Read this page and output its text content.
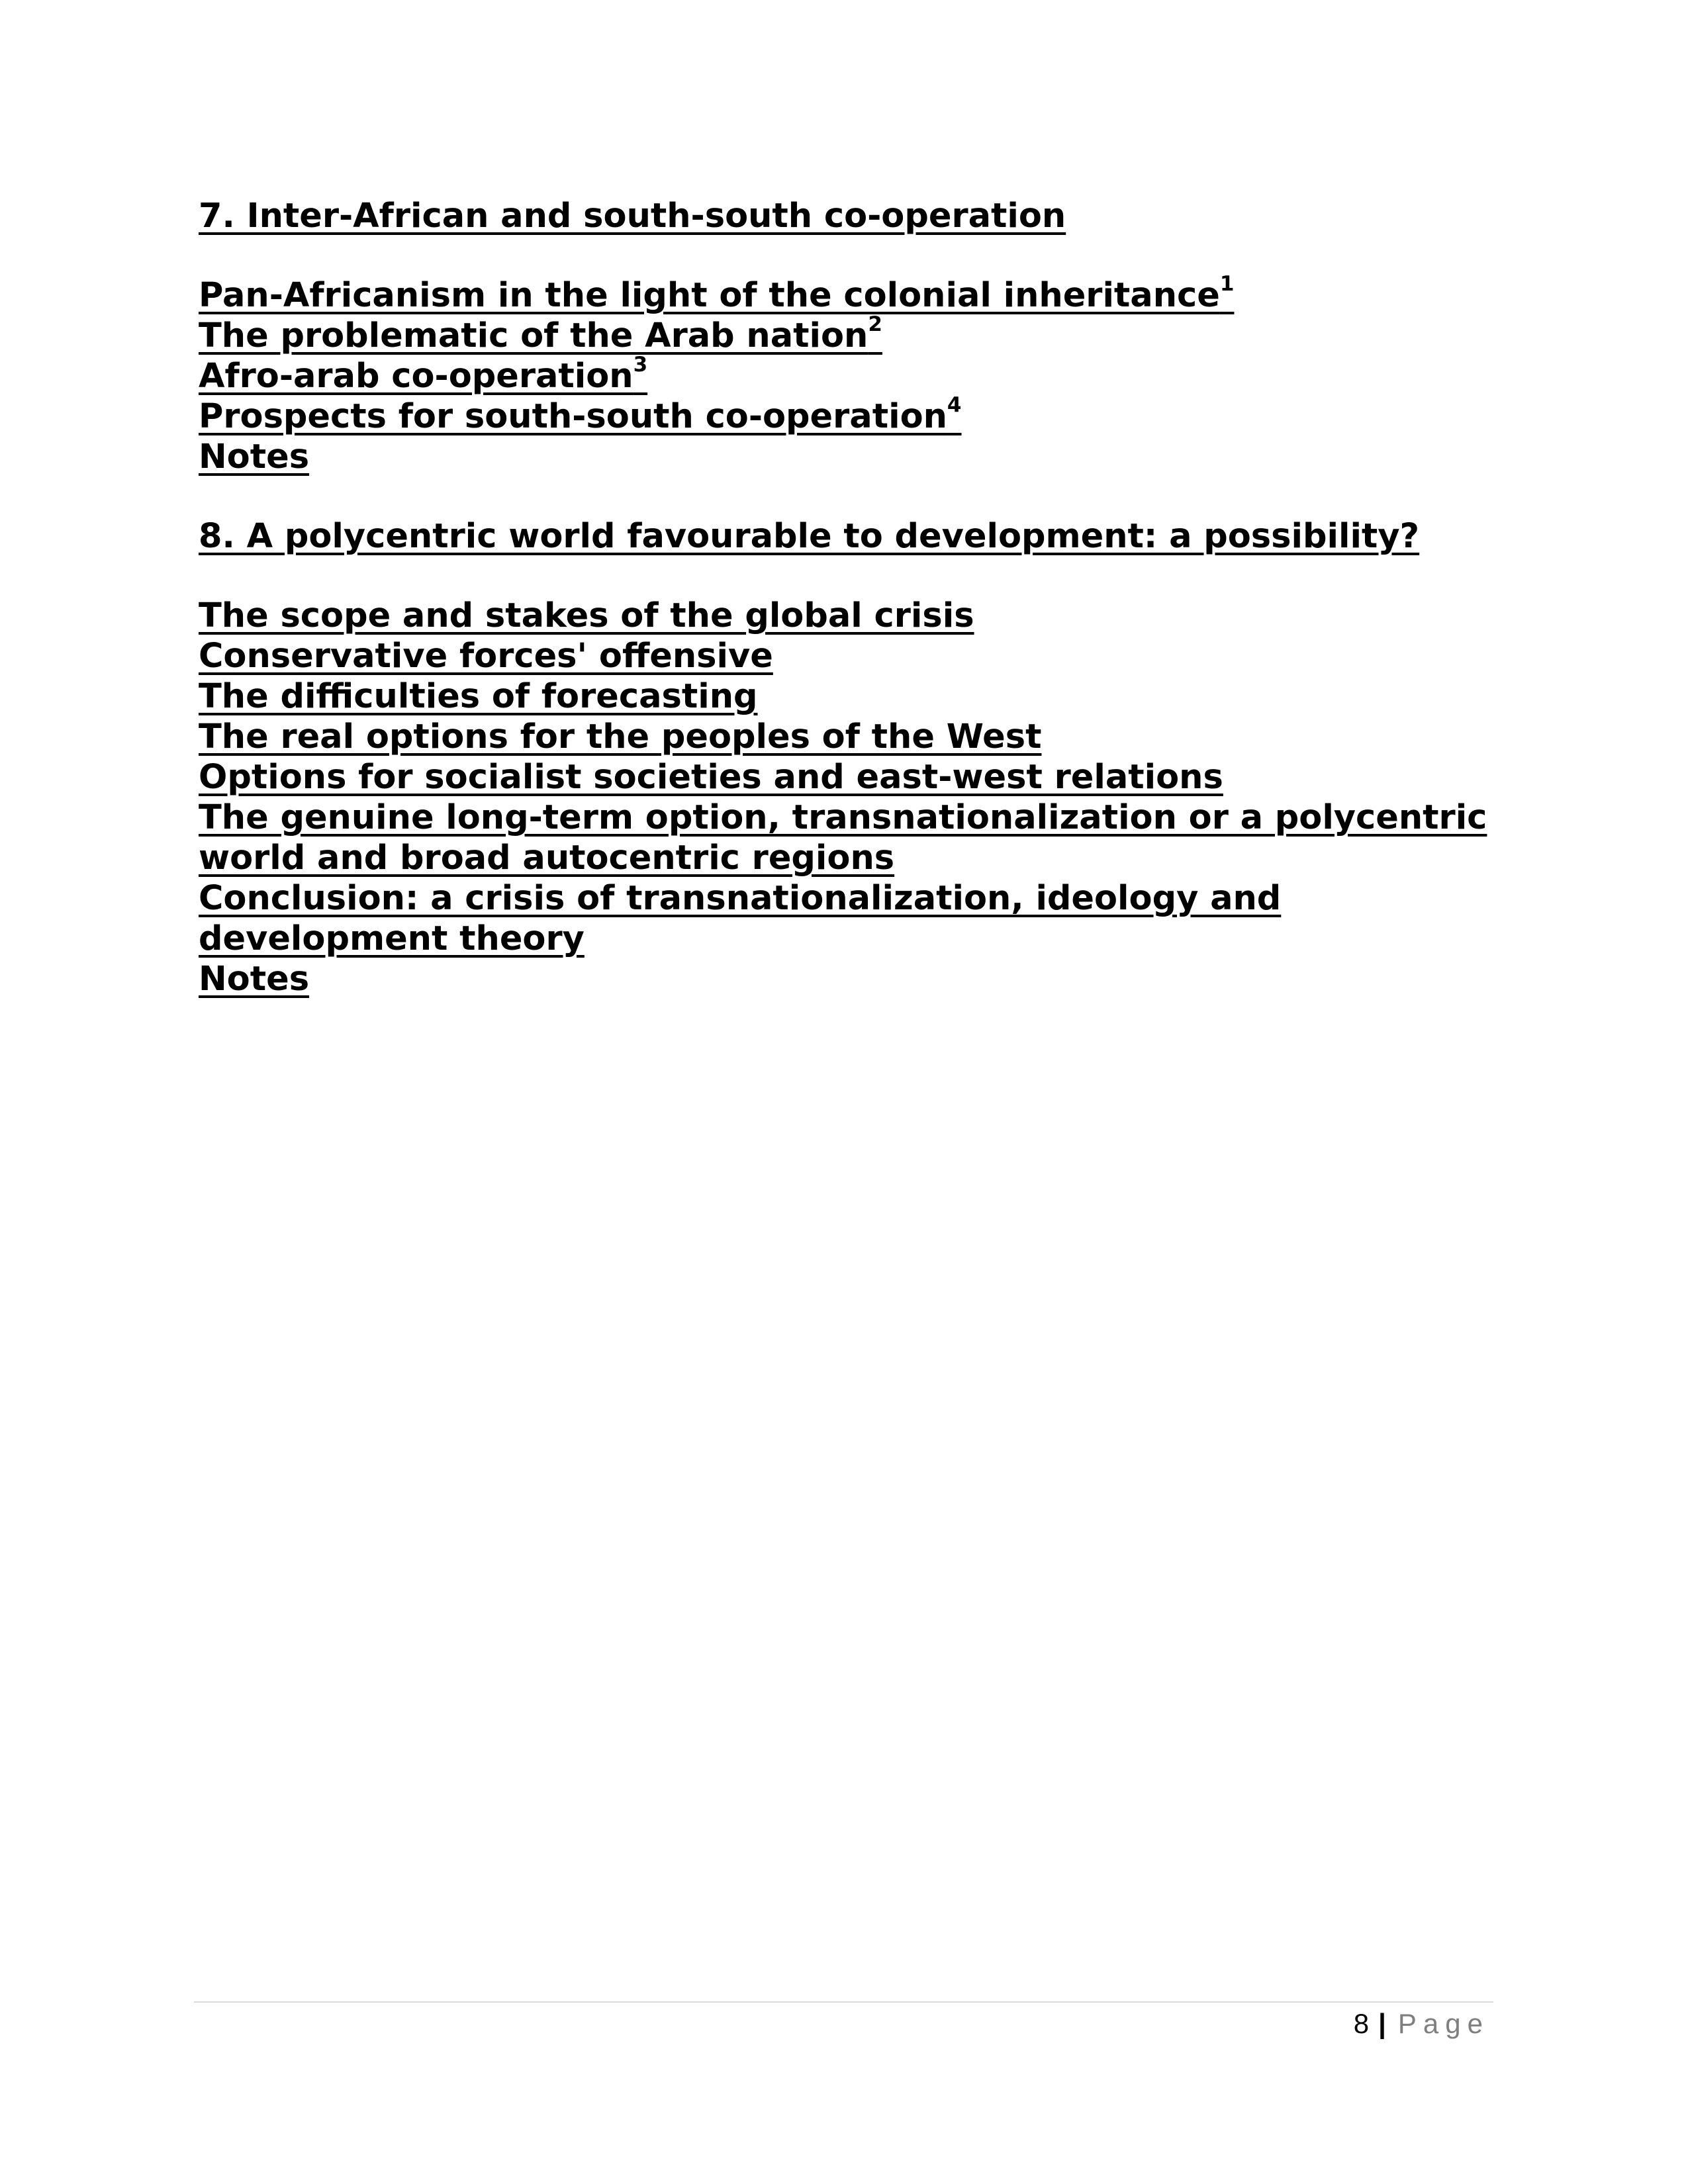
7. Inter-African and south-south co-operation
Pan-Africanism in the light of the colonial inheritance$^1$
The problematic of the Arab nation$^2$
Afro-arab co-operation$^3$
Prospects for south-south co-operation$^4$
Notes
8. A polycentric world favourable to development: a possibility?
The scope and stakes of the global crisis
Conservative forces' offensive
The difficulties of forecasting
The real options for the peoples of the West
Options for socialist societies and east-west relations
The genuine long-term option, transnationalization or a polycentric world and broad autocentric regions
Conclusion: a crisis of transnationalization, ideology and development theory
Notes
8 | Page
